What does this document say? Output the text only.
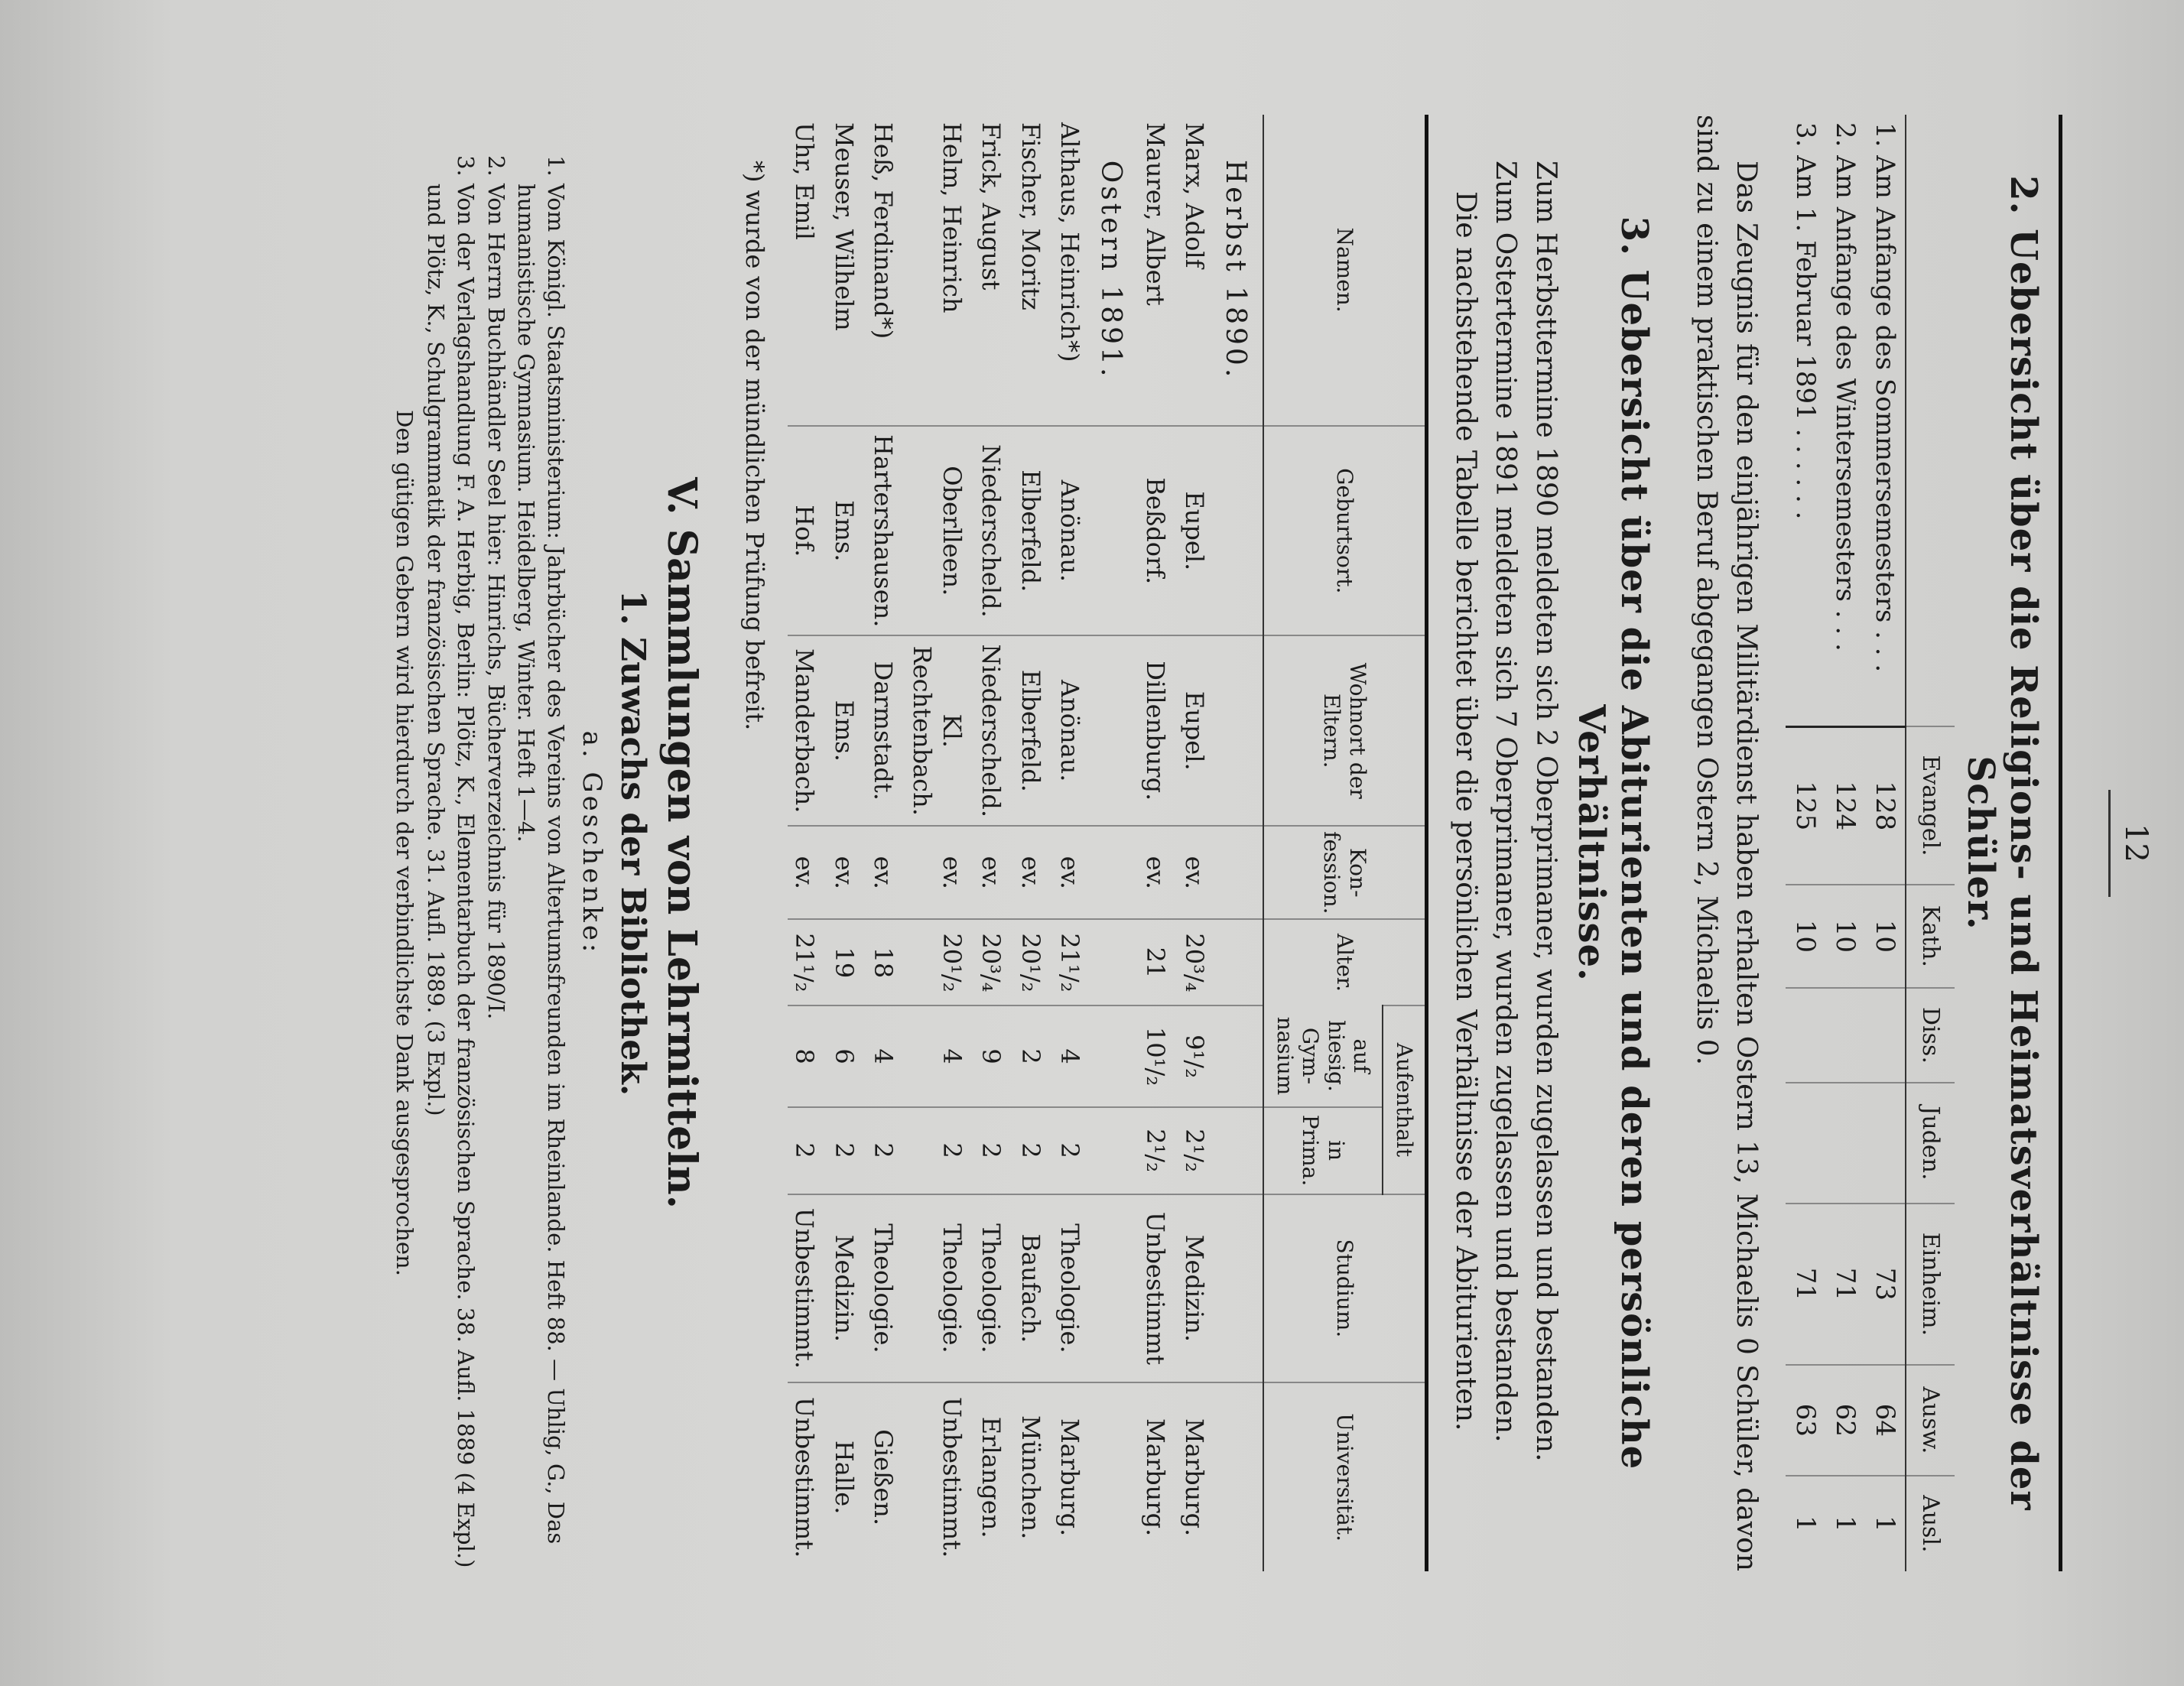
12
2. Uebersicht über die Religions- und Heimatsverhältnisse der Schüler.
	Evangel.	Kath.	Diss.	Juden.	Einheim.	Ausw.	Ausl.
1. Am Anfange des Sommersemesters . . .	128	10			73	64	1
2. Am Anfange des Wintersemesters . . .	124	10			71	62	1
3. Am 1. Februar 1891 . . . . . .	125	10			71	63	1

Das Zeugnis für den einjährigen Militärdienst haben erhalten Ostern 13, Michaelis 0 Schüler, davon sind zu einem praktischen Beruf abgegangen Ostern 2, Michaelis 0.

3. Uebersicht über die Abiturienten und deren persönliche Verhältnisse.

Zum Herbsttermine 1890 meldeten sich 2 Oberprimaner, wurden zugelassen und bestanden.

Zum Ostertermine 1891 meldeten sich 7 Oberprimaner, wurden zugelassen und bestanden.

Die nachstehende Tabelle berichtet über die persönlichen Verhältnisse der Abiturienten.

Namen.	Geburtsort.	Wohnort der Eltern.	Kon-fession.	Alter.	Aufenthalt		Studium.	Universität.
					auf hiesig. Gym-nasium	in Prima.		
Herbst 1890.								
Marx, Adolf	Eupel.	Eupel.	ev.	20³/₄	9¹/₂	2¹/₂	Medizin.	Marburg.
Maurer, Albert	Beßdorf.	Dillenburg.	ev.	21	10¹/₂	2¹/₂	Unbestimmt	Marburg.
Ostern 1891.								
Althaus, Heinrich*)	Anönau.	Anönau.	ev.	21¹/₂	4	2	Theologie.	Marburg.
Fischer, Moritz	Elberfeld.	Elberfeld.	ev.	20¹/₂	2	2	Baufach.	München.
Frick, August	Niederscheld.	Niederscheld.	ev.	20³/₄	9	2	Theologie.	Erlangen.
Helm, Heinrich	Oberlleen.	Kl. Rechtenbach.	ev.	20¹/₂	4	2	Theologie.	Unbestimmt.
Heß, Ferdinand*)	Hartershausen.	Darmstadt.	ev.	18	4	2	Theologie.	Gießen.
Meuser, Wilhelm	Ems.	Ems.	ev.	19	6	2	Medizin.	Halle.
Uhr, Emil	Hof.	Manderbach.	ev.	21¹/₂	8	2	Unbestimmt.	Unbestimmt.
*) wurde von der mündlichen Prüfung befreit.
V. Sammlungen von Lehrmitteln.
1. Zuwachs der Bibliothek.
a. Geschenke:
1. Vom Königl. Staatsministerium: Jahrbücher des Vereins von Altertumsfreunden im Rheinlande. Heft 88. — Uhlig, G., Das humanistische Gymnasium. Heidelberg, Winter. Heft 1—4.
2. Von Herrn Buchhändler Seel hier: Hinrichs, Bücherverzeichnis für 1890/I.
3. Von der Verlagshandlung F. A. Herbig, Berlin: Plötz, K., Elementarbuch der französischen Sprache. 38. Aufl. 1889 (4 Expl.) und Plötz, K., Schulgrammatik der französischen Sprache. 31. Aufl. 1889. (3 Expl.)
Den gütigen Gebern wird hierdurch der verbindlichste Dank ausgesprochen.
